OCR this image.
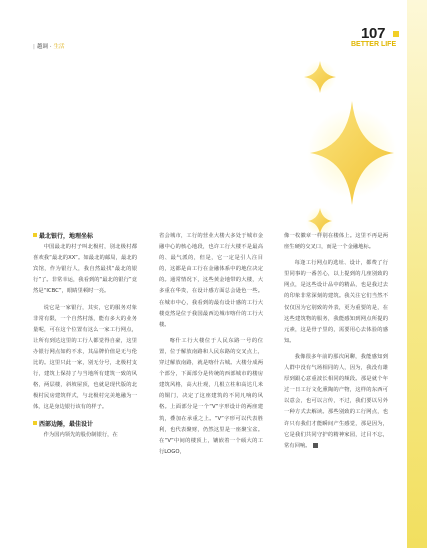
| 越调 · 生活
107
BETTER LIFE
最北银行，地理坐标

中国最北的村子叫北极村，别北极村都喜欢我“最北的XX”。如最北的邮局，最北的宾馆，作为银行人，我自然最找“最北的银行”了。非常幸运，我看到的“最北的银行”竟然是“ICBC”，眼睛里顿时一亮。

说它是一家银行，其实，它的服务对象非常有限，一个自然村落，能有多大的业务量呢，可在这个位置有这么一家工行网点，让所有到达这里的工行人都觉得自豪，这里办银行网点如约不求，其品牌价值是无与伦比的。这里只此一家，别无分号，北极村支行，建筑上保持了与当地所有建筑一致的风格，两层楼，斜坡屋顶，也就是现代版的北极村民房建筑样式，与北极村完美地融为一体，这是身边银行该有的样子。

西部边陲，最佳设计

作为国内领先的股份制银行，在

省会城市，工行的营业大楼大多处于城市金融中心的核心地段，也许工行大楼不是最高的、最气派的，但是，它一定是引人注目的，这都是由工行在金融体系中的地位决定的。通常情况下，这些黄金地带的大楼，大多重在华贵，在设计感方面总会逊色一些。在城市中心，我看到的最有设计感的工行大楼竟然是位于我国最西边城市喀什的工行大楼。

喀什工行大楼位于人民东路一号的位置，位于解放南路和人民东路的交叉点上，穿过解放南路，就是喀什古城。大楼分成两个部分，下面部分是传统的西部城市的楼房建筑风格，高大壮观，几根立柱和高达几米的铜门，决定了这座建筑的不同凡响的风格。上面部分是一个“V”字形设计的两座建筑，叠加在承重之上。“V”字形可以代表胜利，也代表聚财，仍然这里是一座聚宝盆。在“V”中间的楼顶上，镶嵌着一个硕大的工行LOGO，

像一枚徽章一样别在楼体上。这里不再是两座生硬的交叉口，而是一个金融地标。

每逢工行网点的选址、设计，都费了行里同事的一番苦心，以上提到的几座别致的网点，是这些设计品中的精品，也是我过去的印象非常深刻的建筑。我关注它们当然不仅仅因为它别致的外表，更为重要的是，在这些建筑物的服务，我能感知到网点所提的元素，这是骨子里的，需要用心去体验的感知。

我像很多年前的那次闲聊，我能感知到人群中没有气场相同的人，因为，我没有雄厚到跟心意重波长相同的频段。那是就个年过一日工行文化熏陶的产物，这样的东西可以意会，也可以言传，不过，我们要以另外一种方式去解读。那些别致的工行网点，也许只有我们才能瞬间产生感觉，那是因为，它是我们共同守护的精神家园，过目不忘，常有回响。
